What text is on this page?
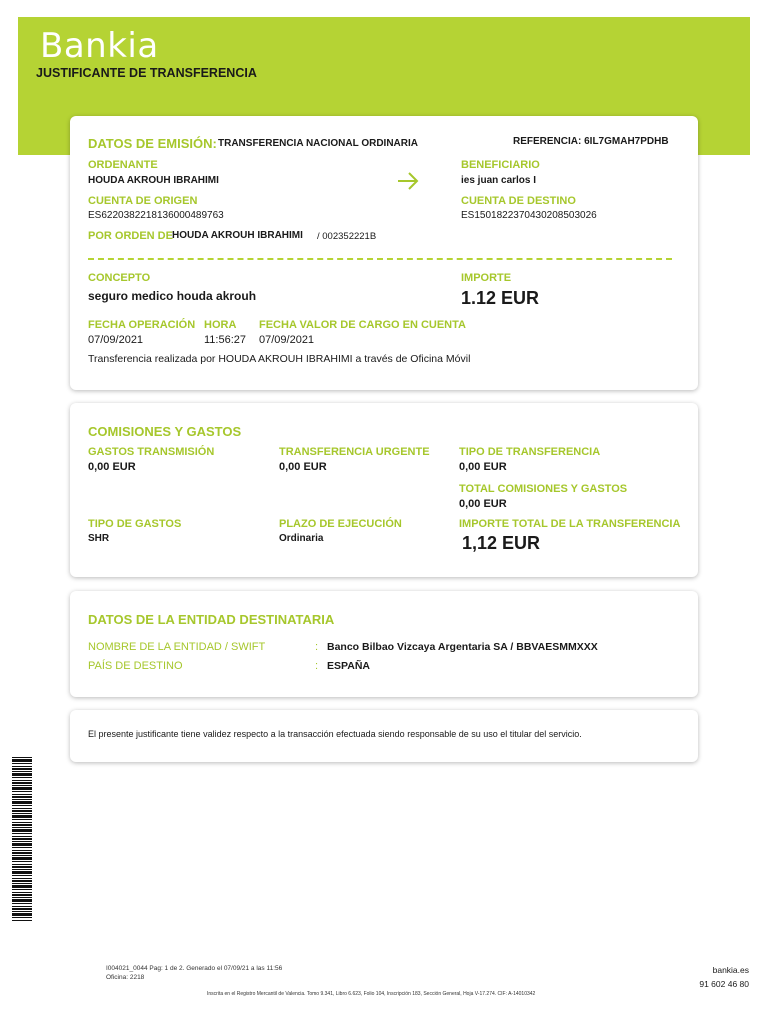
Bankia
JUSTIFICANTE DE TRANSFERENCIA
DATOS DE EMISIÓN: TRANSFERENCIA NACIONAL ORDINARIA	REFERENCIA: 6IL7GMAH7PDHB
ORDENANTE
HOUDA AKROUH IBRAHIMI
CUENTA DE ORIGEN
ES6220382218136000489763
POR ORDEN DE HOUDA AKROUH IBRAHIMI / 002352221B
BENEFICIARIO
ies juan carlos I
CUENTA DE DESTINO
ES1501822370430208503026
CONCEPTO
seguro medico houda akrouh
IMPORTE
1.12 EUR
FECHA OPERACIÓN
07/09/2021
HORA
11:56:27
FECHA VALOR DE CARGO EN CUENTA
07/09/2021
Transferencia realizada por HOUDA AKROUH IBRAHIMI a través de Oficina Móvil
COMISIONES Y GASTOS
GASTOS TRANSMISIÓN
0,00 EUR
TRANSFERENCIA URGENTE
0,00 EUR
TIPO DE TRANSFERENCIA
0,00 EUR
TOTAL COMISIONES Y GASTOS
0,00 EUR
TIPO DE GASTOS
SHR
PLAZO DE EJECUCIÓN
Ordinaria
IMPORTE TOTAL DE LA TRANSFERENCIA
1,12 EUR
DATOS DE LA ENTIDAD DESTINATARIA
NOMBRE DE LA ENTIDAD / SWIFT	: Banco Bilbao Vizcaya Argentaria SA / BBVAESMMXXX
PAÍS DE DESTINO	: ESPAÑA
El presente justificante tiene validez respecto a la transacción efectuada siendo responsable de su uso el titular del servicio.
I004021_0044 Pag: 1 de 2. Generado el 07/09/21 a las 11:56
Oficina: 2218
Inscrita en el Registro Mercantil de Valencia. Tomo 9.341, Libro 6.623, Folio 104, Inscripción 183, Sección General, Hoja V-17.274. CIF: A-14010342
bankia.es
91 602 46 80
